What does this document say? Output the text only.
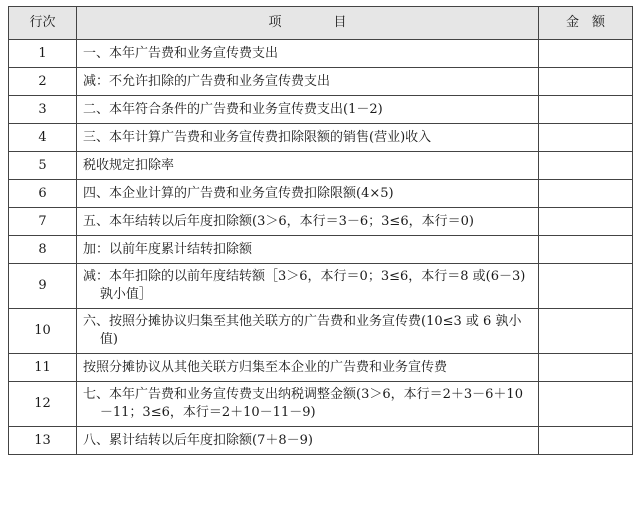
行次	项　　　　目	金　额
1	一、本年广告费和业务宣传费支出	
2	减：不允许扣除的广告费和业务宣传费支出	
3	二、本年符合条件的广告费和业务宣传费支出(1－2)	
4	三、本年计算广告费和业务宣传费扣除限额的销售(营业)收入	
5	税收规定扣除率	
6	四、本企业计算的广告费和业务宣传费扣除限额(4×5)	
7	五、本年结转以后年度扣除额(3＞6，本行＝3－6；3≤6，本行＝0)	
8	加：以前年度累计结转扣除额	
9	减：本年扣除的以前年度结转额［3＞6，本行＝0；3≤6，本行＝8 或(6－3)孰小值］	

10	六、按照分摊协议归集至其他关联方的广告费和业务宣传费(10≤3 或 6 孰小值)	

11	按照分摊协议从其他关联方归集至本企业的广告费和业务宣传费	
12	七、本年广告费和业务宣传费支出纳税调整金额(3＞6，本行＝2＋3－6＋10－11；3≤6，本行＝2＋10－11－9)	

13	八、累计结转以后年度扣除额(7＋8－9)	
